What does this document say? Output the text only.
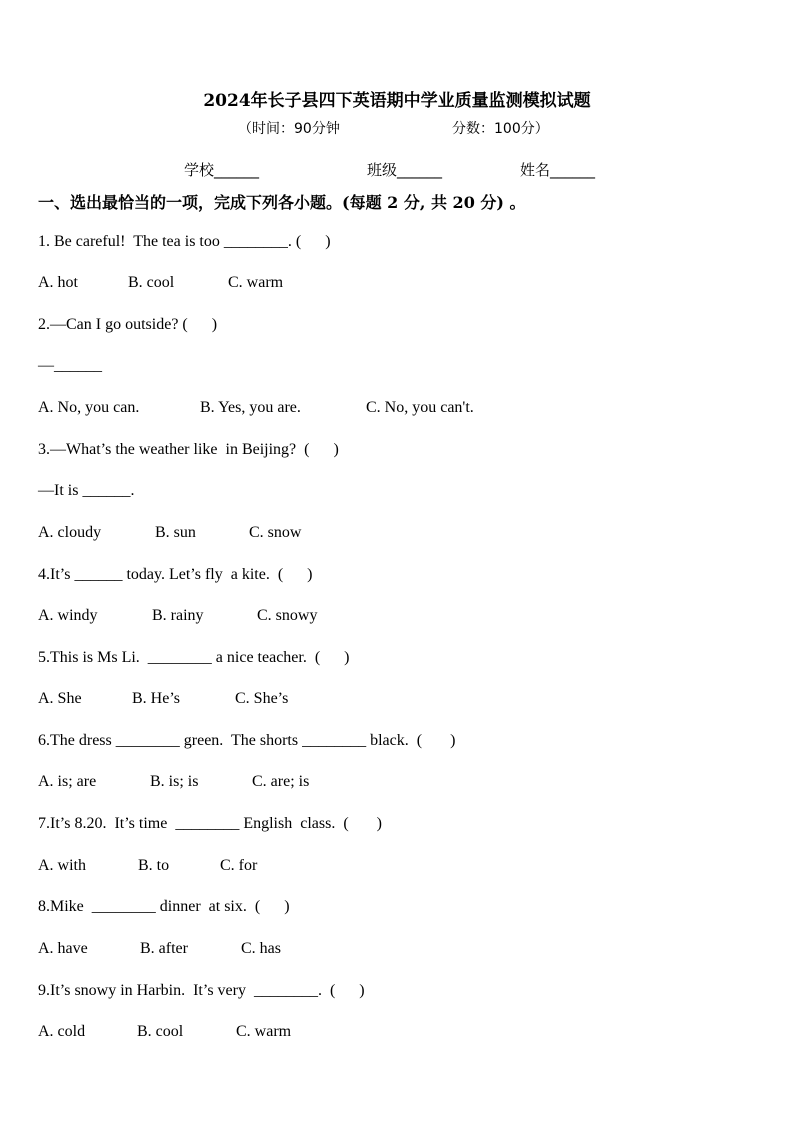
2024年长子县四下英语期中学业质量监测模拟试题
（时间：90分钟	分数：100分）
学校______	班级______	姓名______
一、选出最恰当的一项，完成下列各小题。(每题 2 分, 共 20 分) 。
1. Be careful!  The tea is too ________. (      )

A. hot

	B. cool

	C. warm

2.—Can I go outside? (      )
—______

A. No, you can.

	B. Yes, you are.

	C. No, you can't.

3.—What’s the weather like  in Beijing?  (      )
—It is ______.

A. cloudy

	B. sun

	C. snow

4.It’s ______ today. Let’s fly  a kite.  (      )

A. windy

	B. rainy

	C. snowy

5.This is Ms Li.  ________ a nice teacher.  (      )

A. She

	B. He’s

	C. She’s

6.The dress ________ green.  The shorts ________ black.  (       )

A. is; are

	B. is; is

	C. are; is

7.It’s 8.20.  It’s time  ________ English  class.  (       )

A. with

	B. to

	C. for

8.Mike  ________ dinner  at six.  (      )

A. have

	B. after

	C. has

9.It’s snowy in Harbin.  It’s very  ________.  (      )

A. cold

	B. cool

	C. warm
